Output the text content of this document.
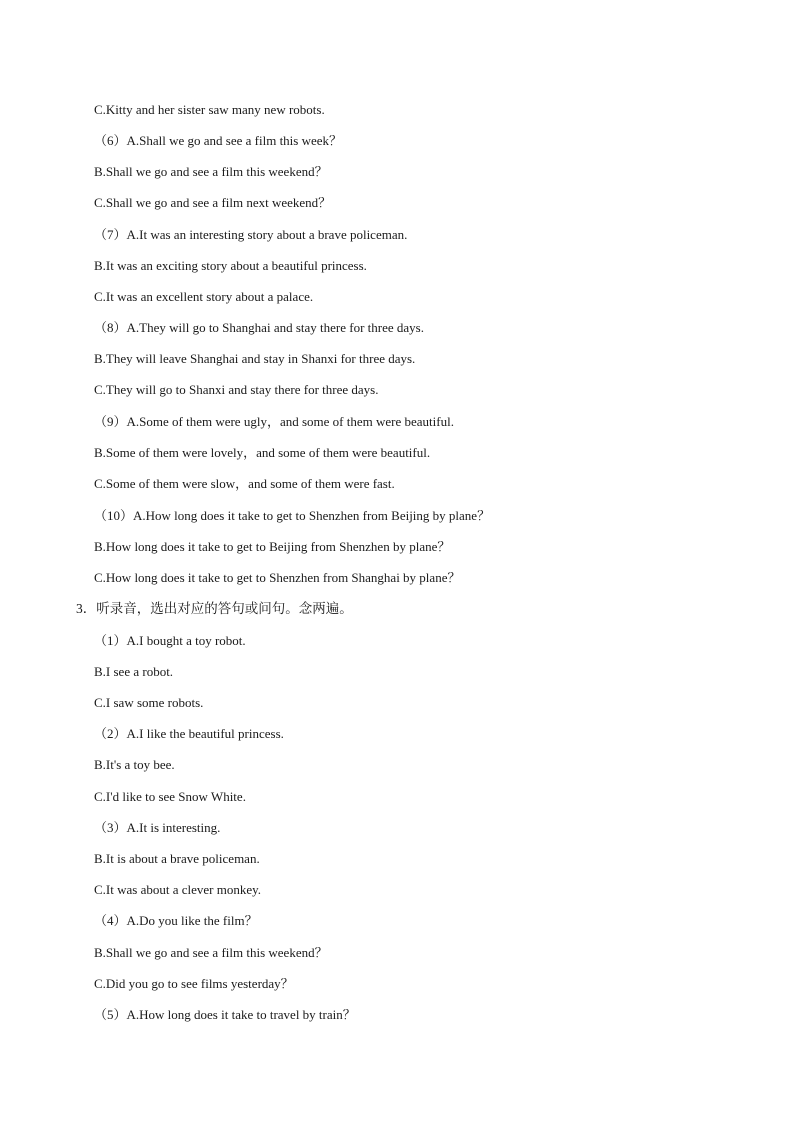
C.Kitty and her sister saw many new robots.
（6）A.Shall we go and see a film this week？
B.Shall we go and see a film this weekend？
C.Shall we go and see a film next weekend？
（7）A.It was an interesting story about a brave policeman.
B.It was an exciting story about a beautiful princess.
C.It was an excellent story about a palace.
（8）A.They will go to Shanghai and stay there for three days.
B.They will leave Shanghai and stay in Shanxi for three days.
C.They will go to Shanxi and stay there for three days.
（9）A.Some of them were ugly，and some of them were beautiful.
B.Some of them were lovely，and some of them were beautiful.
C.Some of them were slow，and some of them were fast.
（10）A.How long does it take to get to Shenzhen from Beijing by plane？
B.How long does it take to get to Beijing from Shenzhen by plane？
C.How long does it take to get to Shenzhen from Shanghai by plane？
3．听录音，选出对应的答句或问句。念两遍。
（1）A.I bought a toy robot.
B.I see a robot.
C.I saw some robots.
（2）A.I like the beautiful princess.
B.It's a toy bee.
C.I'd like to see Snow White.
（3）A.It is interesting.
B.It is about a brave policeman.
C.It was about a clever monkey.
（4）A.Do you like the film？
B.Shall we go and see a film this weekend？
C.Did you go to see films yesterday？
（5）A.How long does it take to travel by train？
